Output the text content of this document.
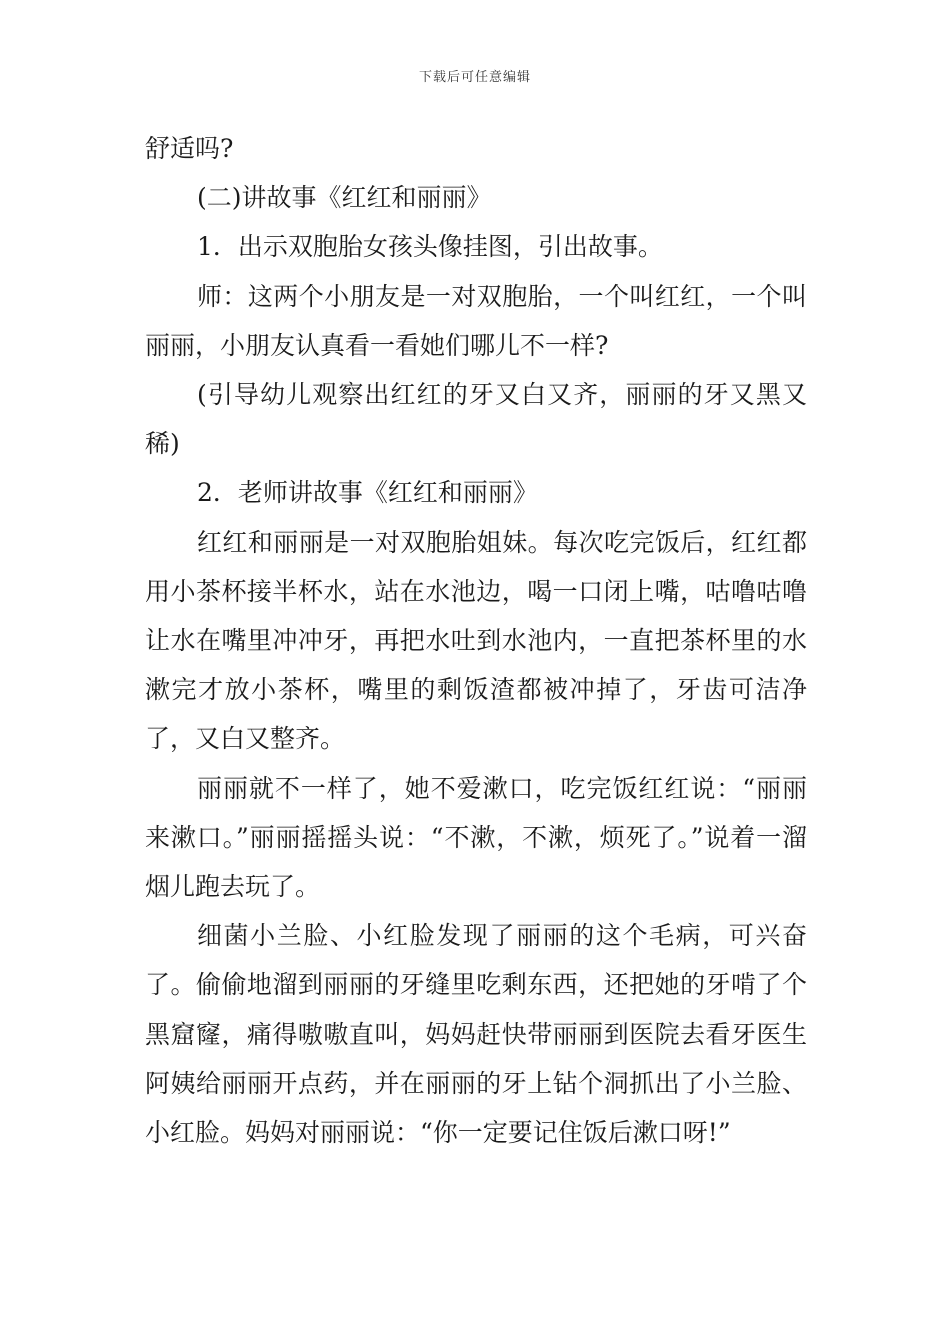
下载后可任意编辑

舒适吗?

(二)讲故事《红红和丽丽》

1．出示双胞胎女孩头像挂图，引出故事。

师：这两个小朋友是一对双胞胎，一个叫红红，一个叫丽丽，小朋友认真看一看她们哪儿不一样?

(引导幼儿观察出红红的牙又白又齐，丽丽的牙又黑又稀)

2．老师讲故事《红红和丽丽》

红红和丽丽是一对双胞胎姐妹。每次吃完饭后，红红都用小茶杯接半杯水，站在水池边，喝一口闭上嘴，咕噜咕噜让水在嘴里冲冲牙，再把水吐到水池内，一直把茶杯里的水漱完才放小茶杯，嘴里的剩饭渣都被冲掉了，牙齿可洁净了，又白又整齐。

丽丽就不一样了，她不爱漱口，吃完饭红红说：“丽丽来漱口。”丽丽摇摇头说：“不漱，不漱，烦死了。”说着一溜烟儿跑去玩了。

细菌小兰脸、小红脸发现了丽丽的这个毛病，可兴奋了。偷偷地溜到丽丽的牙缝里吃剩东西，还把她的牙啃了个黑窟窿，痛得嗷嗷直叫，妈妈赶快带丽丽到医院去看牙医生阿姨给丽丽开点药，并在丽丽的牙上钻个洞抓出了小兰脸、小红脸。妈妈对丽丽说：“你一定要记住饭后漱口呀!”
